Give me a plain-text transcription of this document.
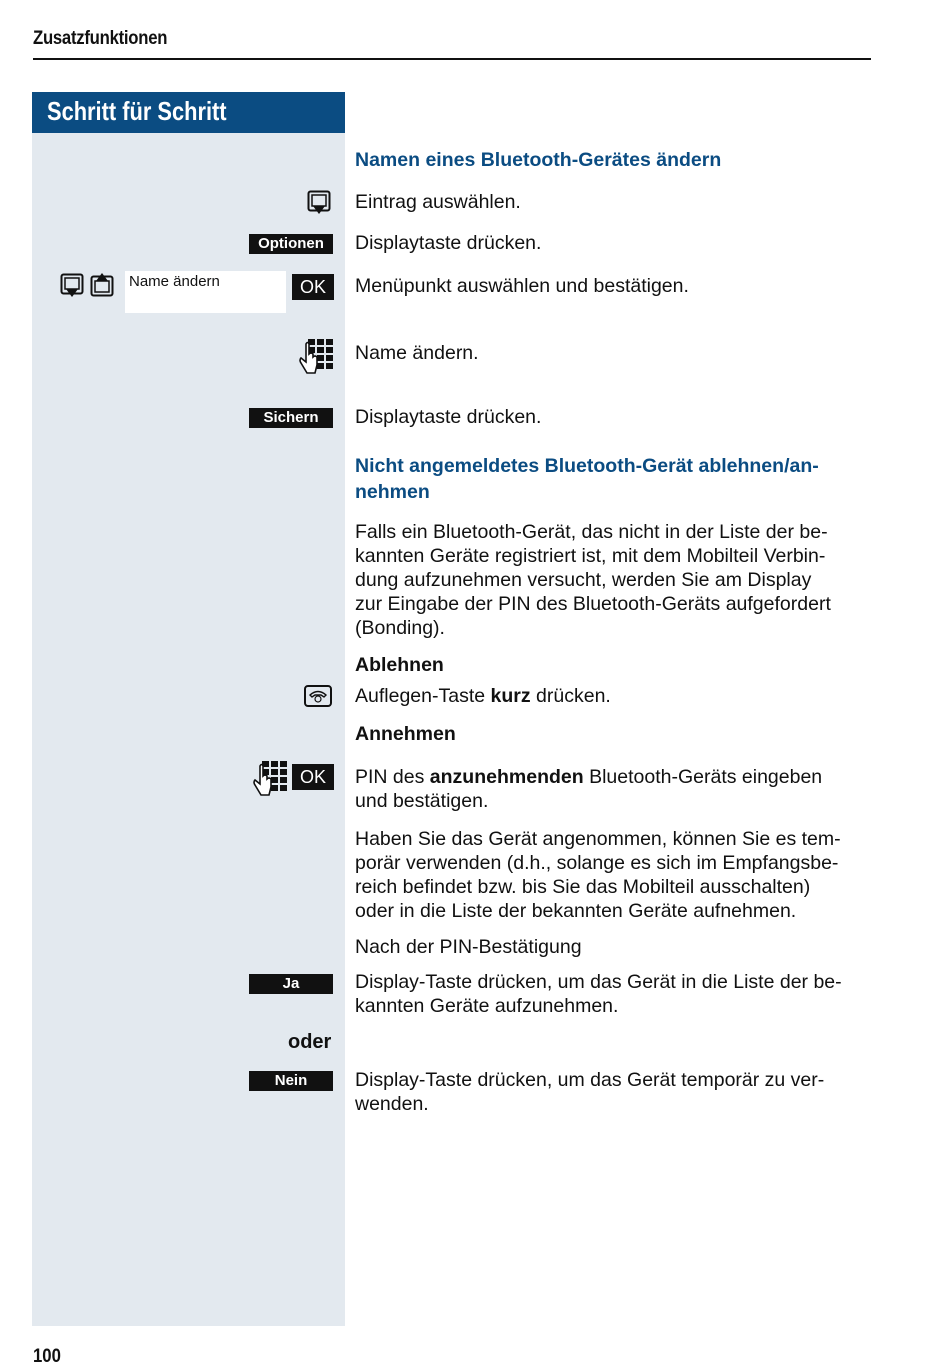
Zusatzfunktionen
Schritt für Schritt
Namen eines Bluetooth-Gerätes ändern
Eintrag auswählen.
Optionen	Displaytaste drücken.
Name ändern	OK	Menüpunkt auswählen und bestätigen.
Name ändern.
Sichern	Displaytaste drücken.
Nicht angemeldetes Bluetooth-Gerät ablehnen/an-
nehmen
Falls ein Bluetooth-Gerät, das nicht in der Liste der be-
kannten Geräte registriert ist, mit dem Mobilteil Verbin-
dung aufzunehmen versucht, werden Sie am Display
zur Eingabe der PIN des Bluetooth-Geräts aufgefordert
(Bonding).
Ablehnen
Auflegen-Taste kurz drücken.
Annehmen
OK	PIN des anzunehmenden Bluetooth-Geräts eingeben
und bestätigen.
Haben Sie das Gerät angenommen, können Sie es tem-
porär verwenden (d.h., solange es sich im Empfangsbe-
reich befindet bzw. bis Sie das Mobilteil ausschalten)
oder in die Liste der bekannten Geräte aufnehmen.
Nach der PIN-Bestätigung
Ja	Display-Taste drücken, um das Gerät in die Liste der be-
kannten Geräte aufzunehmen.
oder
Nein	Display-Taste drücken, um das Gerät temporär zu ver-
wenden.
100
